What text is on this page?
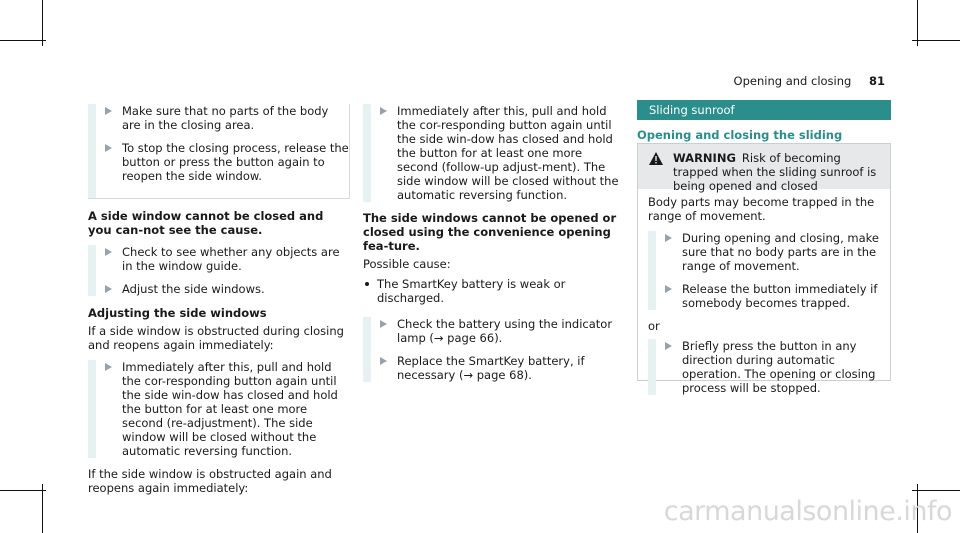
Opening and closing 81
Make sure that no parts of the body are in the closing area.
To stop the closing process, release the button or press the button again to reopen the side window.
A side window cannot be closed and you can-not see the cause.
Check to see whether any objects are in the window guide.
Adjust the side windows.
Adjusting the side windows
If a side window is obstructed during closing and reopens again immediately:
Immediately after this, pull and hold the cor-responding button again until the side win-dow has closed and hold the button for at least one more second (re-adjustment). The side window will be closed without the automatic reversing function.
If the side window is obstructed again and reopens again immediately:
Immediately after this, pull and hold the cor-responding button again until the side win-dow has closed and hold the button for at least one more second (follow-up adjust-ment). The side window will be closed without the automatic reversing function.
The side windows cannot be opened or closed using the convenience opening fea-ture.
Possible cause:
The SmartKey battery is weak or discharged.
Check the battery using the indicator lamp (→ page 66).
Replace the SmartKey battery, if necessary (→ page 68).
Sliding sunroof
Opening and closing the sliding
WARNING Risk of becoming trapped when the sliding sunroof is being opened and closed
Body parts may become trapped in the range of movement.
During opening and closing, make sure that no body parts are in the range of movement.
Release the button immediately if somebody becomes trapped.
or
Briefly press the button in any direction during automatic operation. The opening or closing process will be stopped.
carmanualsonline.info
